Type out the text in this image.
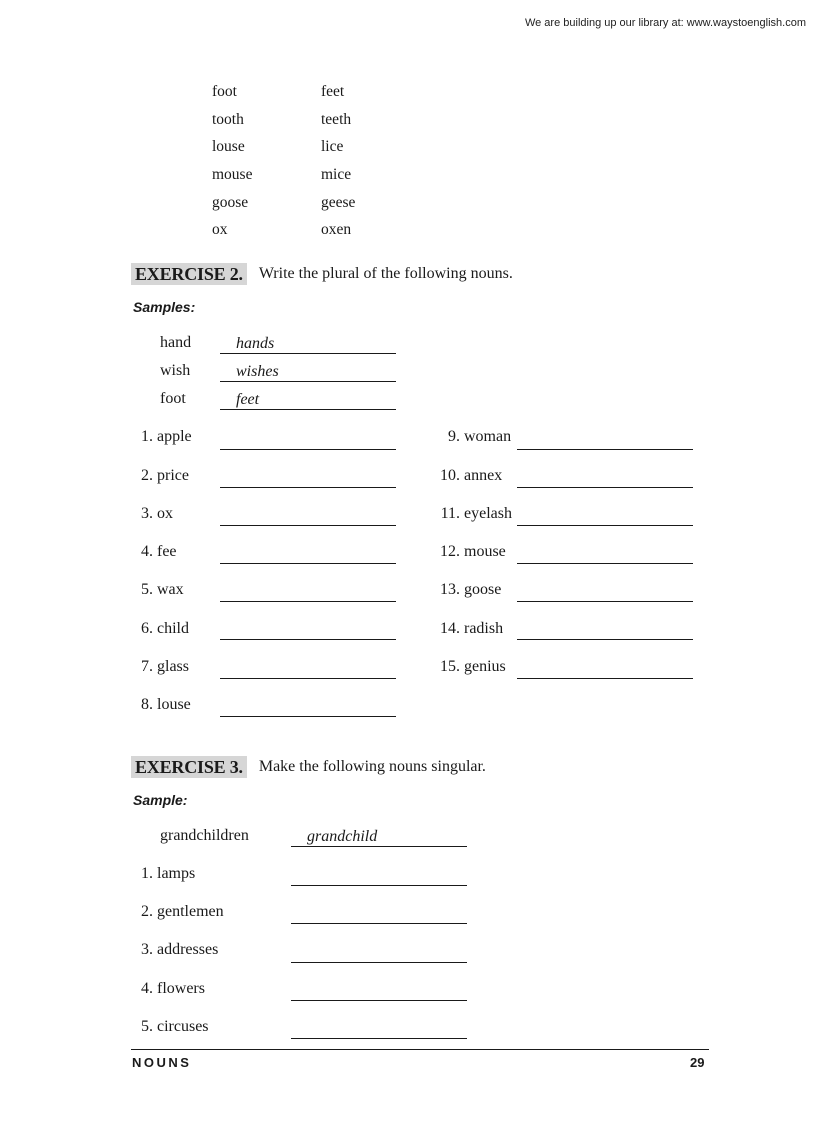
We are building up our library at: www.waystoenglish.com
foot	feet
tooth	teeth
louse	lice
mouse	mice
goose	geese
ox	oxen
EXERCISE 2. Write the plural of the following nouns.
Samples:
hand	hands
wish	wishes
foot	feet
1. apple
2. price
3. ox
4. fee
5. wax
6. child
7. glass
8. louse
9. woman
10. annex
11. eyelash
12. mouse
13. goose
14. radish
15. genius
EXERCISE 3. Make the following nouns singular.
Sample:
grandchildren	grandchild
1. lamps
2. gentlemen
3. addresses
4. flowers
5. circuses
NOUNS	29
